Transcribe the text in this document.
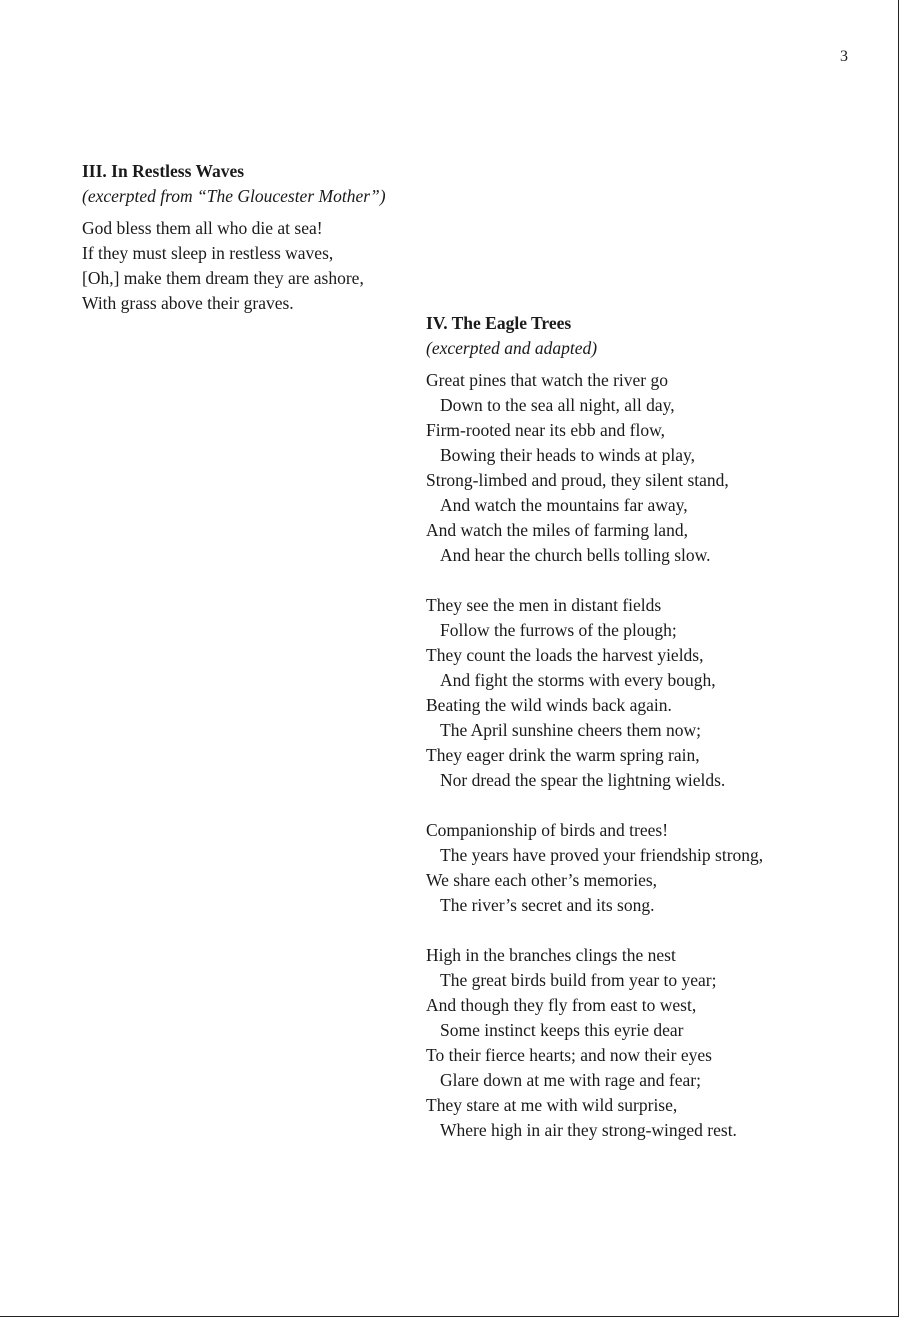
3
III. In Restless Waves
(excerpted from “The Gloucester Mother”)
God bless them all who die at sea!
If they must sleep in restless waves,
[Oh,] make them dream they are ashore,
With grass above their graves.
IV. The Eagle Trees
(excerpted and adapted)
Great pines that watch the river go
Down to the sea all night, all day,
Firm-rooted near its ebb and flow,
Bowing their heads to winds at play,
Strong-limbed and proud, they silent stand,
And watch the mountains far away,
And watch the miles of farming land,
And hear the church bells tolling slow.
They see the men in distant fields
Follow the furrows of the plough;
They count the loads the harvest yields,
And fight the storms with every bough,
Beating the wild winds back again.
The April sunshine cheers them now;
They eager drink the warm spring rain,
Nor dread the spear the lightning wields.
Companionship of birds and trees!
The years have proved your friendship strong,
We share each other’s memories,
The river’s secret and its song.
High in the branches clings the nest
The great birds build from year to year;
And though they fly from east to west,
Some instinct keeps this eyrie dear
To their fierce hearts; and now their eyes
Glare down at me with rage and fear;
They stare at me with wild surprise,
Where high in air they strong-winged rest.
